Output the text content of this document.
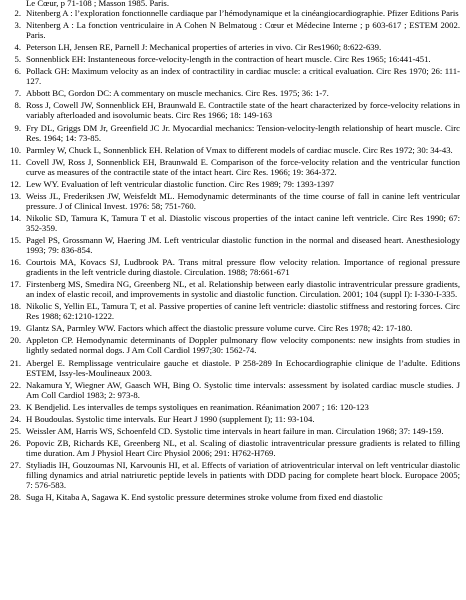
Le Cœur, p 71-108 ; Masson 1985. Paris.
2. Nitenberg A : l’exploration fonctionnelle cardiaque par l’hémodynamique et la cinéangiocardiographie. Pfizer Editions Paris
3. Nitenberg A : La fonction ventriculaire in A Cohen N Belmatoug : Cœur et Médecine Interne ; p 603-617 ; ESTEM 2002. Paris.
4. Peterson LH, Jensen RE, Parnell J: Mechanical properties of arteries in vivo. Cir Res1960; 8:622-639.
5. Sonnenblick EH: Instanteneous force-velocity-length in the contraction of heart muscle. Circ Res 1965; 16:441-451.
6. Pollack GH: Maximum velocity as an index of contractility in cardiac muscle: a critical evaluation. Circ Res 1970; 26: 111-127.
7. Abbott BC, Gordon DC: A commentary on muscle mechanics. Circ Res. 1975; 36: 1-7.
8. Ross J, Cowell JW, Sonnenblick EH, Braunwald E. Contractile state of the heart characterized by force-velocity relations in variably afterloaded and isovolumic beats. Circ Res 1966; 18: 149-163
9. Fry DL, Griggs DM Jr, Greenfield JC Jr. Myocardial mechanics: Tension-velocity-length relationship of heart muscle. Circ Res. 1964; 14: 73-85.
10. Parmley W, Chuck L, Sonnenblick EH. Relation of Vmax to different models of cardiac muscle. Circ Res 1972; 30: 34-43.
11. Covell JW, Ross J, Sonnenblick EH, Braunwald E. Comparison of the force-velocity relation and the ventricular function curve as measures of the contractile state of the intact heart. Circ Res. 1966; 19: 364-372.
12. Lew WY. Evaluation of left ventricular diastolic function. Circ Res 1989; 79: 1393-1397
13. Weiss JL, Frederiksen JW, Weisfeldt ML. Hemodynamic determinants of the time course of fall in canine left ventricular pressure. J of Clinical Invest. 1976: 58; 751-760.
14. Nikolic SD, Tamura K, Tamura T et al. Diastolic viscous properties of the intact canine left ventricle. Circ Res 1990; 67: 352-359.
15. Pagel PS, Grossmann W, Haering JM. Left ventricular diastolic function in the normal and diseased heart. Anesthesiology 1993; 79: 836-854.
16. Courtois MA, Kovacs SJ, Ludbrook PA. Trans mitral pressure flow velocity relation. Importance of regional pressure gradients in the left ventricle during diastole. Circulation. 1988; 78:661-671
17. Firstenberg MS, Smedira NG, Greenberg NL, et al. Relationship between early diastolic intraventricular pressure gradients, an index of elastic recoil, and improvements in systolic and diastolic function. Circulation. 2001; 104 (suppl I): I-330-I-335.
18. Nikolic S, Yellin EL, Tamura T, et al. Passive properties of canine left ventricle: diastolic stiffness and restoring forces. Circ Res 1988; 62:1210-1222.
19. Glantz SA, Parmley WW. Factors which affect the diastolic pressure volume curve. Circ Res 1978; 42: 17-180.
20. Appleton CP. Hemodynamic determinants of Doppler pulmonary flow velocity components: new insights from studies in lightly sedated normal dogs. J Am Coll Cardiol 1997;30: 1562-74.
21. Abergel E. Remplissage ventriculaire gauche et diastole. P 258-289 In Echocardiographie clinique de l’adulte. Editions ESTEM, Issy-les-Moulineaux 2003.
22. Nakamura Y, Wiegner AW, Gaasch WH, Bing O. Systolic time intervals: assessment by isolated cardiac muscle studies. J Am Coll Cardiol 1983; 2: 973-8.
23. K Bendjelid. Les intervalles de temps systoliques en reanimation. Réanimation 2007 ; 16: 120-123
24. H Boudoulas. Systolic time intervals. Eur Heart J 1990 (supplement I); 11: 93-104.
25. Weissler AM, Harris WS, Schoenfeld CD. Systolic time intervals in heart failure in man. Circulation 1968; 37: 149-159.
26. Popovic ZB, Richards KE, Greenberg NL, et al. Scaling of diastolic intraventricular pressure gradients is related to filling time duration. Am J Physiol Heart Circ Physiol 2006; 291: H762-H769.
27. Styliadis IH, Gouzoumas NI, Karvounis HI, et al. Effects of variation of atrioventricular interval on left ventricular diastolic filling dynamics and atrial natriuretic peptide levels in patients with DDD pacing for complete heart block. Europace 2005; 7: 576-583.
28. Suga H, Kitaba A, Sagawa K. End systolic pressure determines stroke volume from fixed end diastolic
